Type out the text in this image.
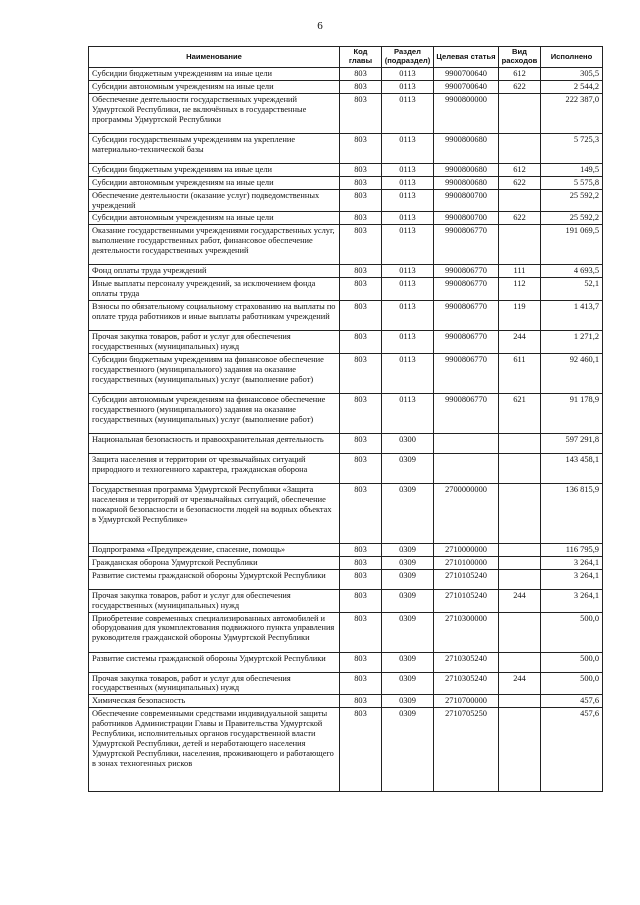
6
Наименование	Код главы	Раздел (подраздел)	Целевая статья	Вид расходов	Исполнено
Субсидии бюджетным учреждениям на иные цели	803	0113	9900700640	612	305,5
Субсидии автономным учреждениям на иные цели	803	0113	9900700640	622	2 544,2
Обеспечение деятельности государственных учреждений Удмуртской Республики, не включённых в государственные программы Удмуртской Республики	803	0113	9900800000		222 387,0
Субсидии государственным учреждениям на укрепление материально-технической базы	803	0113	9900800680		5 725,3
Субсидии бюджетным учреждениям на иные цели	803	0113	9900800680	612	149,5
Субсидии автономным учреждениям на иные цели	803	0113	9900800680	622	5 575,8
Обеспечение деятельности (оказание услуг) подведомственных учреждений	803	0113	9900800700		25 592,2
Субсидии автономным учреждениям на иные цели	803	0113	9900800700	622	25 592,2
Оказание государственными учреждениями государственных услуг, выполнение государственных работ, финансовое обеспечение деятельности государственных учреждений	803	0113	9900806770		191 069,5
Фонд оплаты труда учреждений	803	0113	9900806770	111	4 693,5
Иные выплаты персоналу учреждений, за исключением фонда оплаты труда	803	0113	9900806770	112	52,1
Взносы по обязательному социальному страхованию на выплаты по оплате труда работников и иные выплаты работникам учреждений	803	0113	9900806770	119	1 413,7
Прочая закупка товаров, работ и услуг для обеспечения государственных (муниципальных) нужд	803	0113	9900806770	244	1 271,2
Субсидии бюджетным учреждениям на финансовое обеспечение государственного (муниципального) задания на оказание государственных (муниципальных) услуг (выполнение работ)	803	0113	9900806770	611	92 460,1
Субсидии автономным учреждениям на финансовое обеспечение государственного (муниципального) задания на оказание государственных (муниципальных) услуг (выполнение работ)	803	0113	9900806770	621	91 178,9
Национальная безопасность и правоохранительная деятельность	803	0300			597 291,8
Защита населения и территории от чрезвычайных ситуаций природного и техногенного характера, гражданская оборона	803	0309			143 458,1
Государственная программа Удмуртской Республики «Защита населения и территорий от чрезвычайных ситуаций, обеспечение пожарной безопасности и безопасности людей на водных объектах в Удмуртской Республике»	803	0309	2700000000		136 815,9
Подпрограмма «Предупреждение, спасение, помощь»	803	0309	2710000000		116 795,9
Гражданская оборона Удмуртской Республики	803	0309	2710100000		3 264,1
Развитие системы гражданской обороны Удмуртской Республики	803	0309	2710105240		3 264,1
Прочая закупка товаров, работ и услуг для обеспечения государственных (муниципальных) нужд	803	0309	2710105240	244	3 264,1
Приобретение современных специализированных автомобилей и оборудования для укомплектования подвижного пункта управления руководителя гражданской обороны Удмуртской Республики	803	0309	2710300000		500,0
Развитие системы гражданской обороны Удмуртской Республики	803	0309	2710305240		500,0
Прочая закупка товаров, работ и услуг для обеспечения государственных (муниципальных) нужд	803	0309	2710305240	244	500,0
Химическая безопасность	803	0309	2710700000		457,6
Обеспечение современными средствами индивидуальной защиты работников Администрации Главы и Правительства Удмуртской Республики, исполнительных органов государственной власти Удмуртской Республики, детей и неработающего населения Удмуртской Республики, населения, проживающего и работающего в зонах техногенных рисков	803	0309	2710705250		457,6
